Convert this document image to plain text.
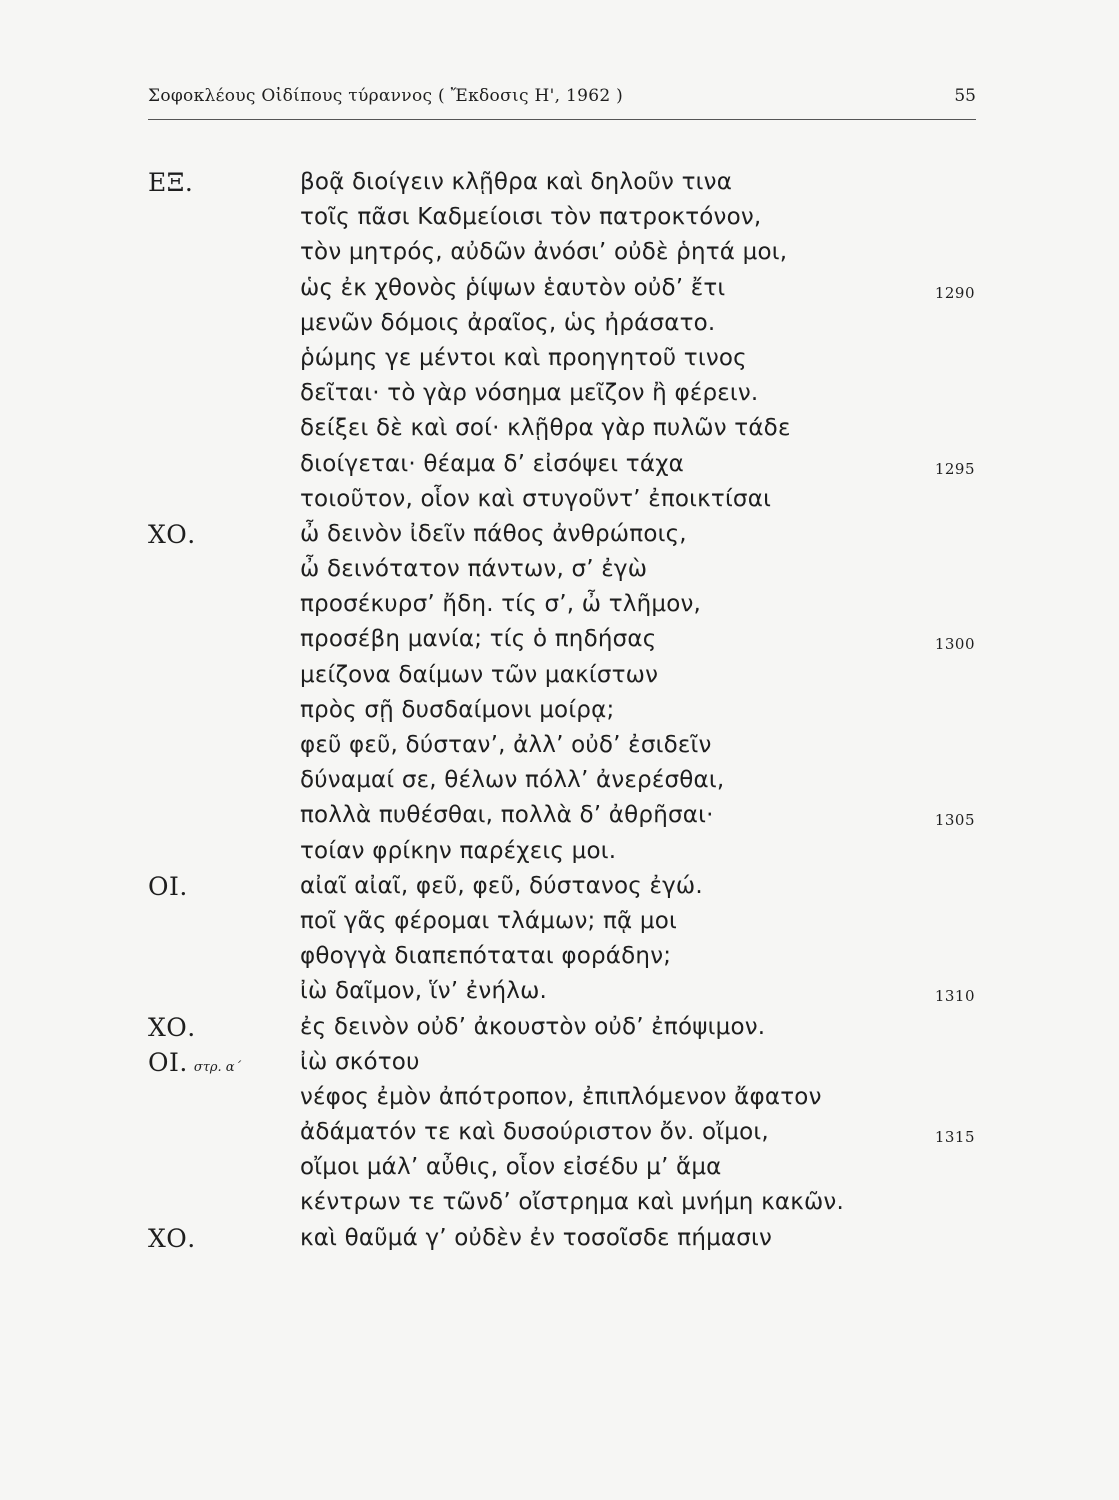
Σοφοκλέους Οἰδίπους τύραννος ( Ἔκδοσις Η', 1962 )	55
ΕΞ.	βοᾷ διοίγειν κλῇθρα καὶ δηλοῦν τινα
τοῖς πᾶσι Καδμείοισι τὸν πατροκτόνον,
τὸν μητρός, αὐδῶν ἀνόσι’ οὐδὲ ῥητά μοι,
ὡς ἐκ χθονὸς ῥίψων ἑαυτὸν οὐδ’ ἔτι	1290
μενῶν δόμοις ἀραῖος, ὡς ἠράσατο.
ῥώμης γε μέντοι καὶ προηγητοῦ τινος
δεῖται· τὸ γὰρ νόσημα μεῖζον ἢ φέρειν.
δείξει δὲ καὶ σοί· κλῇθρα γὰρ πυλῶν τάδε
διοίγεται· θέαμα δ’ εἰσόψει τάχα	1295
τοιοῦτον, οἷον καὶ στυγοῦντ’ ἐποικτίσαι
ΧΟ.	ὦ δεινὸν ἰδεῖν πάθος ἀνθρώποις,
ὦ δεινότατον πάντων, σ’ ἐγὼ
προσέκυρσ’ ἤδη. τίς σ’, ὦ τλῆμον,
προσέβη μανία; τίς ὁ πηδήσας	1300
μείζονα δαίμων τῶν μακίστων
πρὸς σῇ δυσδαίμονι μοίρᾳ;
φεῦ φεῦ, δύσταν’, ἀλλ’ οὐδ’ ἐσιδεῖν
δύναμαί σε, θέλων πόλλ’ ἀνερέσθαι,
πολλὰ πυθέσθαι, πολλὰ δ’ ἀθρῆσαι·	1305
τοίαν φρίκην παρέχεις μοι.
ΟΙ.	αἰαῖ αἰαῖ, φεῦ, φεῦ, δύστανος ἐγώ.
ποῖ γᾶς φέρομαι τλάμων; πᾷ μοι
φθογγὰ διαπεπόταται φοράδην;
ἰὼ δαῖμον, ἵν’ ἐνήλω.	1310
ΧΟ.	ἐς δεινὸν οὐδ’ ἀκουστὸν οὐδ’ ἐπόψιμον.
ΟΙ. στρ. α΄	ἰὼ σκότου
νέφος ἐμὸν ἀπότροπον, ἐπιπλόμενον ἄφατον
ἀδάματόν τε καὶ δυσούριστον ὄν. οἴμοι,	1315
οἴμοι μάλ’ αὖθις, οἷον εἰσέδυ μ’ ἅμα
κέντρων τε τῶνδ’ οἴστρημα καὶ μνήμη κακῶν.
ΧΟ.	καὶ θαῦμά γ’ οὐδὲν ἐν τοσοῖσδε πήμασιν
